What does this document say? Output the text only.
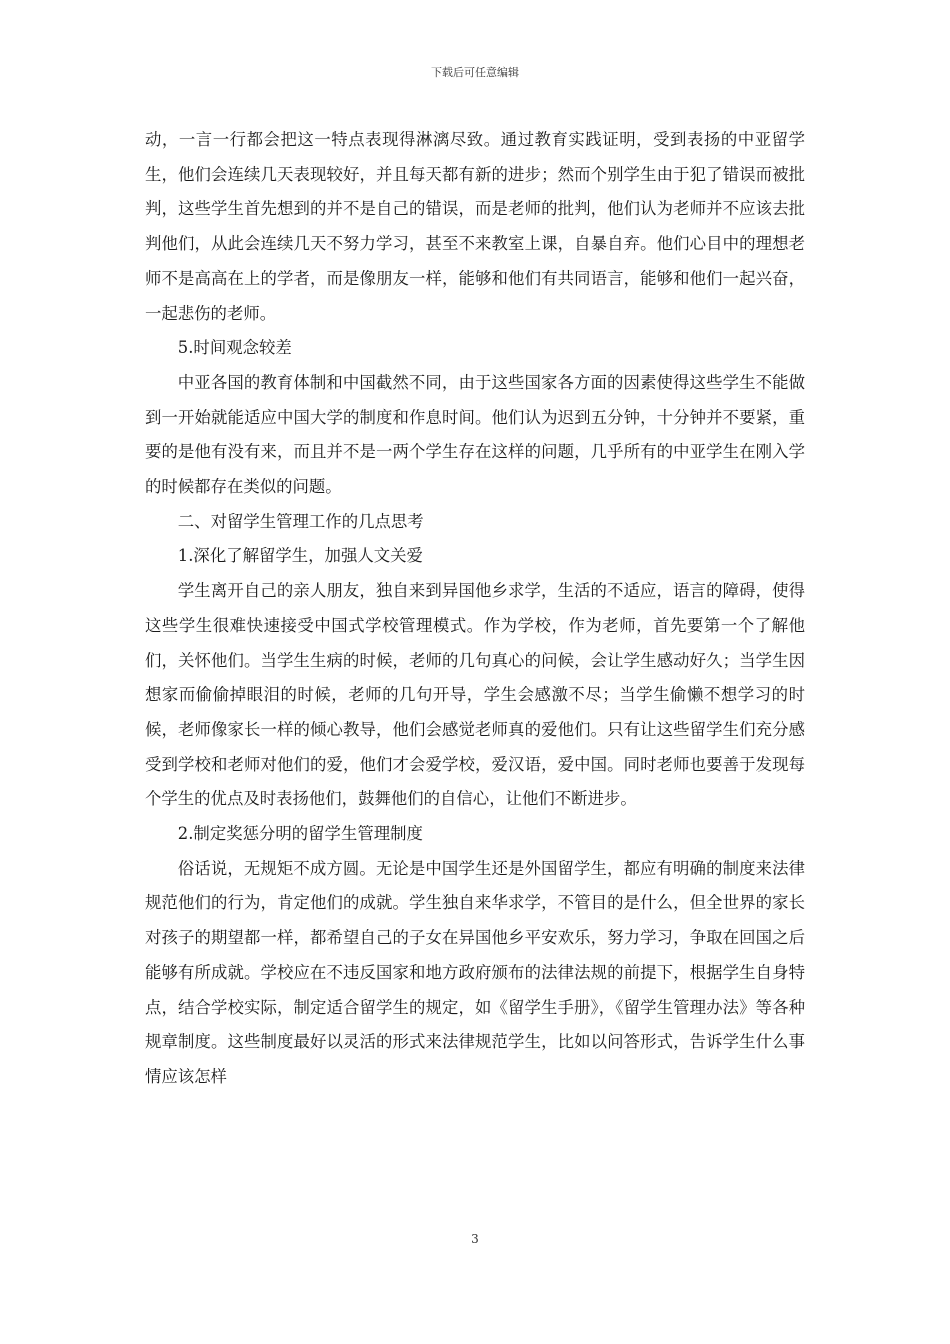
下载后可任意编辑

动，一言一行都会把这一特点表现得淋漓尽致。通过教育实践证明，受到表扬的中亚留学生，他们会连续几天表现较好，并且每天都有新的进步；然而个别学生由于犯了错误而被批判，这些学生首先想到的并不是自己的错误，而是老师的批判，他们认为老师并不应该去批判他们，从此会连续几天不努力学习，甚至不来教室上课，自暴自弃。他们心目中的理想老师不是高高在上的学者，而是像朋友一样，能够和他们有共同语言，能够和他们一起兴奋，一起悲伤的老师。

5.时间观念较差

中亚各国的教育体制和中国截然不同，由于这些国家各方面的因素使得这些学生不能做到一开始就能适应中国大学的制度和作息时间。他们认为迟到五分钟，十分钟并不要紧，重要的是他有没有来，而且并不是一两个学生存在这样的问题，几乎所有的中亚学生在刚入学的时候都存在类似的问题。

二、对留学生管理工作的几点思考

1.深化了解留学生，加强人文关爱

学生离开自己的亲人朋友，独自来到异国他乡求学，生活的不适应，语言的障碍，使得这些学生很难快速接受中国式学校管理模式。作为学校，作为老师，首先要第一个了解他们，关怀他们。当学生生病的时候，老师的几句真心的问候，会让学生感动好久；当学生因想家而偷偷掉眼泪的时候，老师的几句开导，学生会感激不尽；当学生偷懒不想学习的时候，老师像家长一样的倾心教导，他们会感觉老师真的爱他们。只有让这些留学生们充分感受到学校和老师对他们的爱，他们才会爱学校，爱汉语，爱中国。同时老师也要善于发现每个学生的优点及时表扬他们，鼓舞他们的自信心，让他们不断进步。

2.制定奖惩分明的留学生管理制度

俗话说，无规矩不成方圆。无论是中国学生还是外国留学生，都应有明确的制度来法律规范他们的行为，肯定他们的成就。学生独自来华求学，不管目的是什么，但全世界的家长对孩子的期望都一样，都希望自己的子女在异国他乡平安欢乐，努力学习，争取在回国之后能够有所成就。学校应在不违反国家和地方政府颁布的法律法规的前提下，根据学生自身特点，结合学校实际，制定适合留学生的规定，如《留学生手册》，《留学生管理办法》等各种规章制度。这些制度最好以灵活的形式来法律规范学生，比如以问答形式，告诉学生什么事情应该怎样

3
